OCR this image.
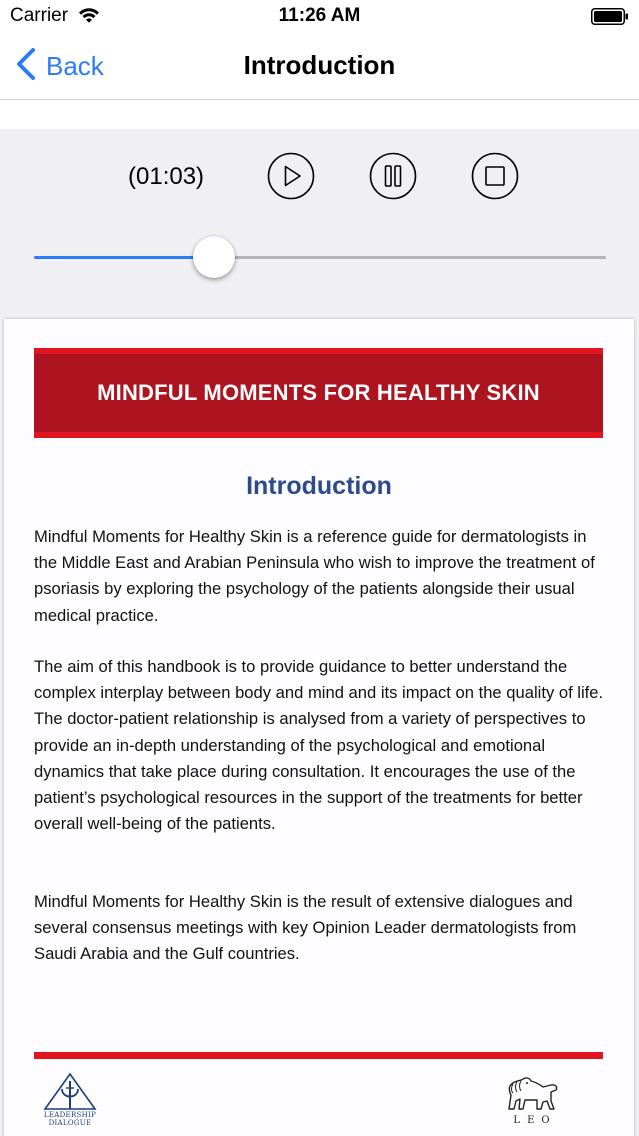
Carrier	11:26 AM
Back	Introduction
(01:03)
MINDFUL MOMENTS FOR HEALTHY SKIN
Introduction

Mindful Moments for Healthy Skin is a reference guide for dermatologists in the Middle East and Arabian Peninsula who wish to improve the treatment of psoriasis by exploring the psychology of the patients alongside their usual medical practice.

The aim of this handbook is to provide guidance to better understand the complex interplay between body and mind and its impact on the quality of life. The doctor-patient relationship is analysed from a variety of perspectives to provide an in-depth understanding of the psychological and emotional dynamics that take place during consultation. It encourages the use of the patient’s psychological resources in the support of the treatments for better overall well-being of the patients.

Mindful Moments for Healthy Skin is the result of extensive dialogues and several consensus meetings with key Opinion Leader dermatologists from Saudi Arabia and the Gulf countries.

LEADERSHIP
DIALOGUE	LEO
